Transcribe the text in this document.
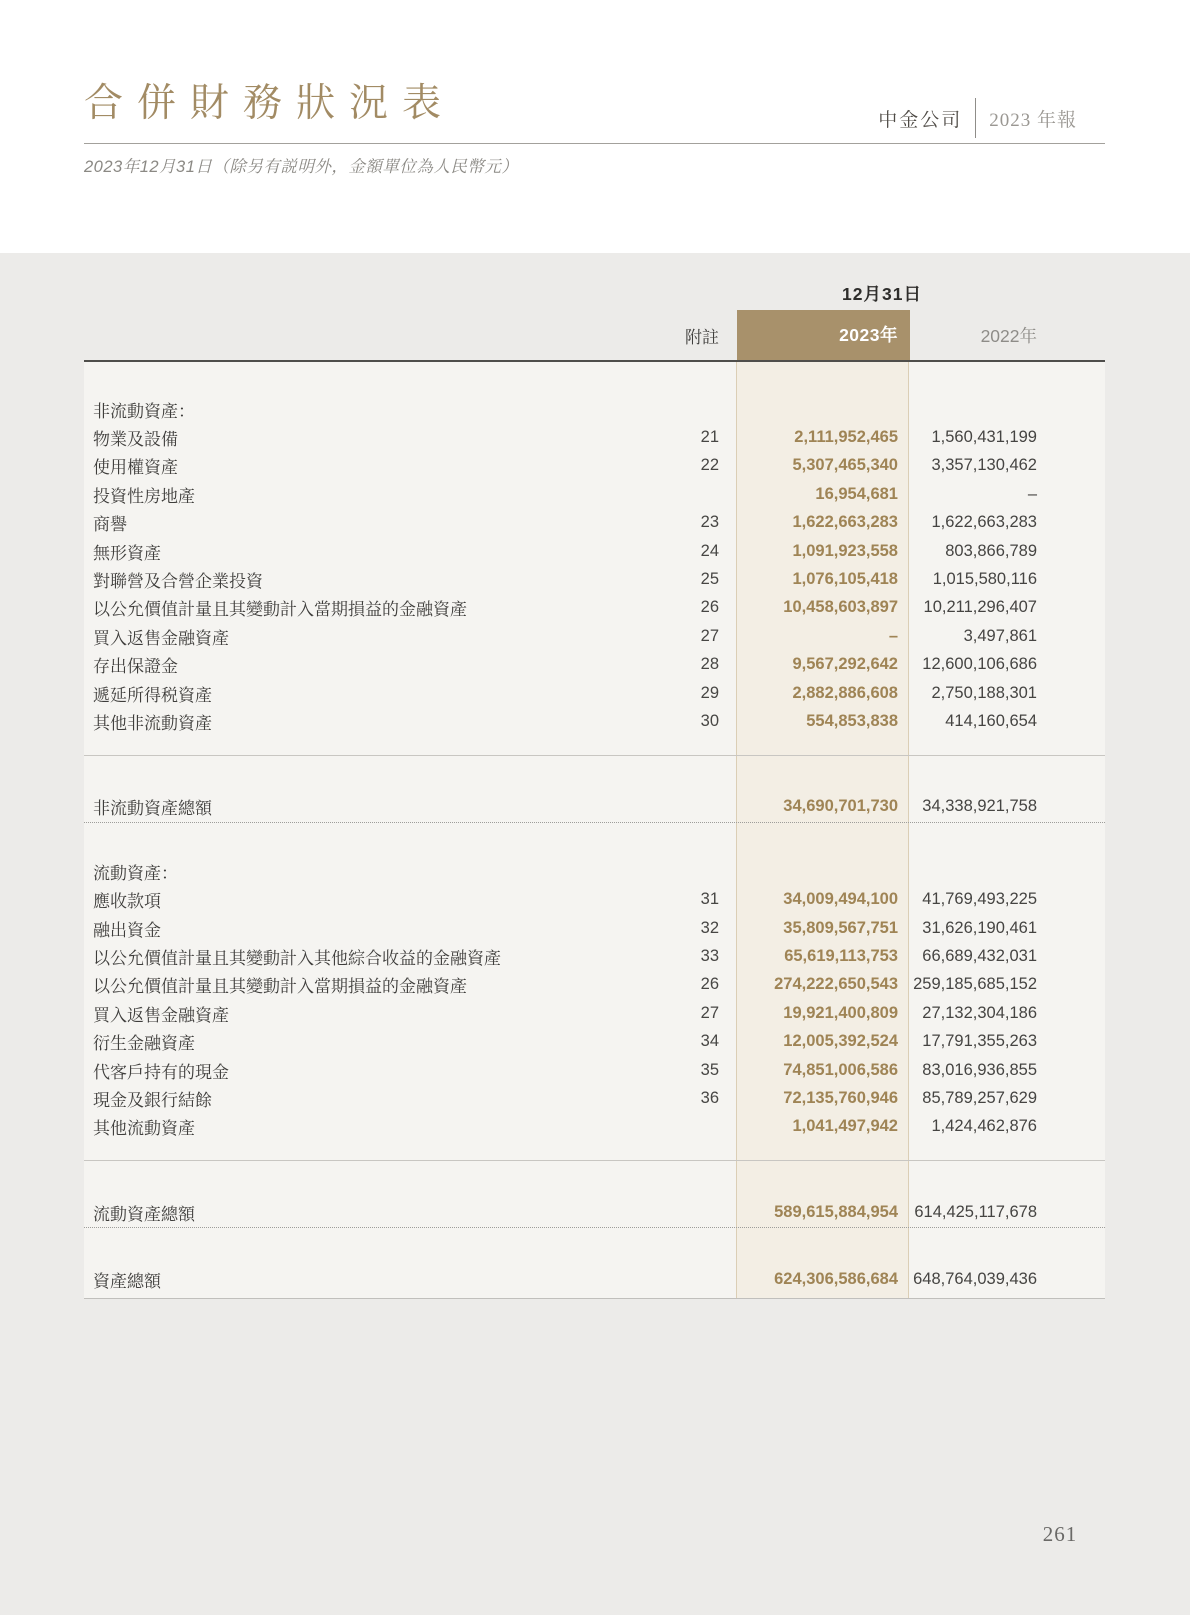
合併財務狀況表	中金公司 2023 年報
2023年12月31日（除另有説明外，金額單位為人民幣元）
12月31日
附註	2023年	2022年
非流動資產：
物業及設備	21	2,111,952,465	1,560,431,199
使用權資產	22	5,307,465,340	3,357,130,462
投資性房地產	16,954,681	–
商譽	23	1,622,663,283	1,622,663,283
無形資產	24	1,091,923,558	803,866,789
對聯營及合營企業投資	25	1,076,105,418	1,015,580,116
以公允價值計量且其變動計入當期損益的金融資產	26	10,458,603,897	10,211,296,407
買入返售金融資產	27	–	3,497,861
存出保證金	28	9,567,292,642	12,600,106,686
遞延所得税資產	29	2,882,886,608	2,750,188,301
其他非流動資產	30	554,853,838	414,160,654
非流動資產總額	34,690,701,730	34,338,921,758
流動資產：
應收款項	31	34,009,494,100	41,769,493,225
融出資金	32	35,809,567,751	31,626,190,461
以公允價值計量且其變動計入其他綜合收益的金融資產	33	65,619,113,753	66,689,432,031
以公允價值計量且其變動計入當期損益的金融資產	26	274,222,650,543 259,185,685,152
買入返售金融資產	27	19,921,400,809	27,132,304,186
衍生金融資產	34	12,005,392,524	17,791,355,263
代客戶持有的現金	35	74,851,006,586	83,016,936,855
現金及銀行結餘	36	72,135,760,946	85,789,257,629
其他流動資產	1,041,497,942	1,424,462,876
流動資產總額	589,615,884,954 614,425,117,678
資產總額	624,306,586,684 648,764,039,436
261
